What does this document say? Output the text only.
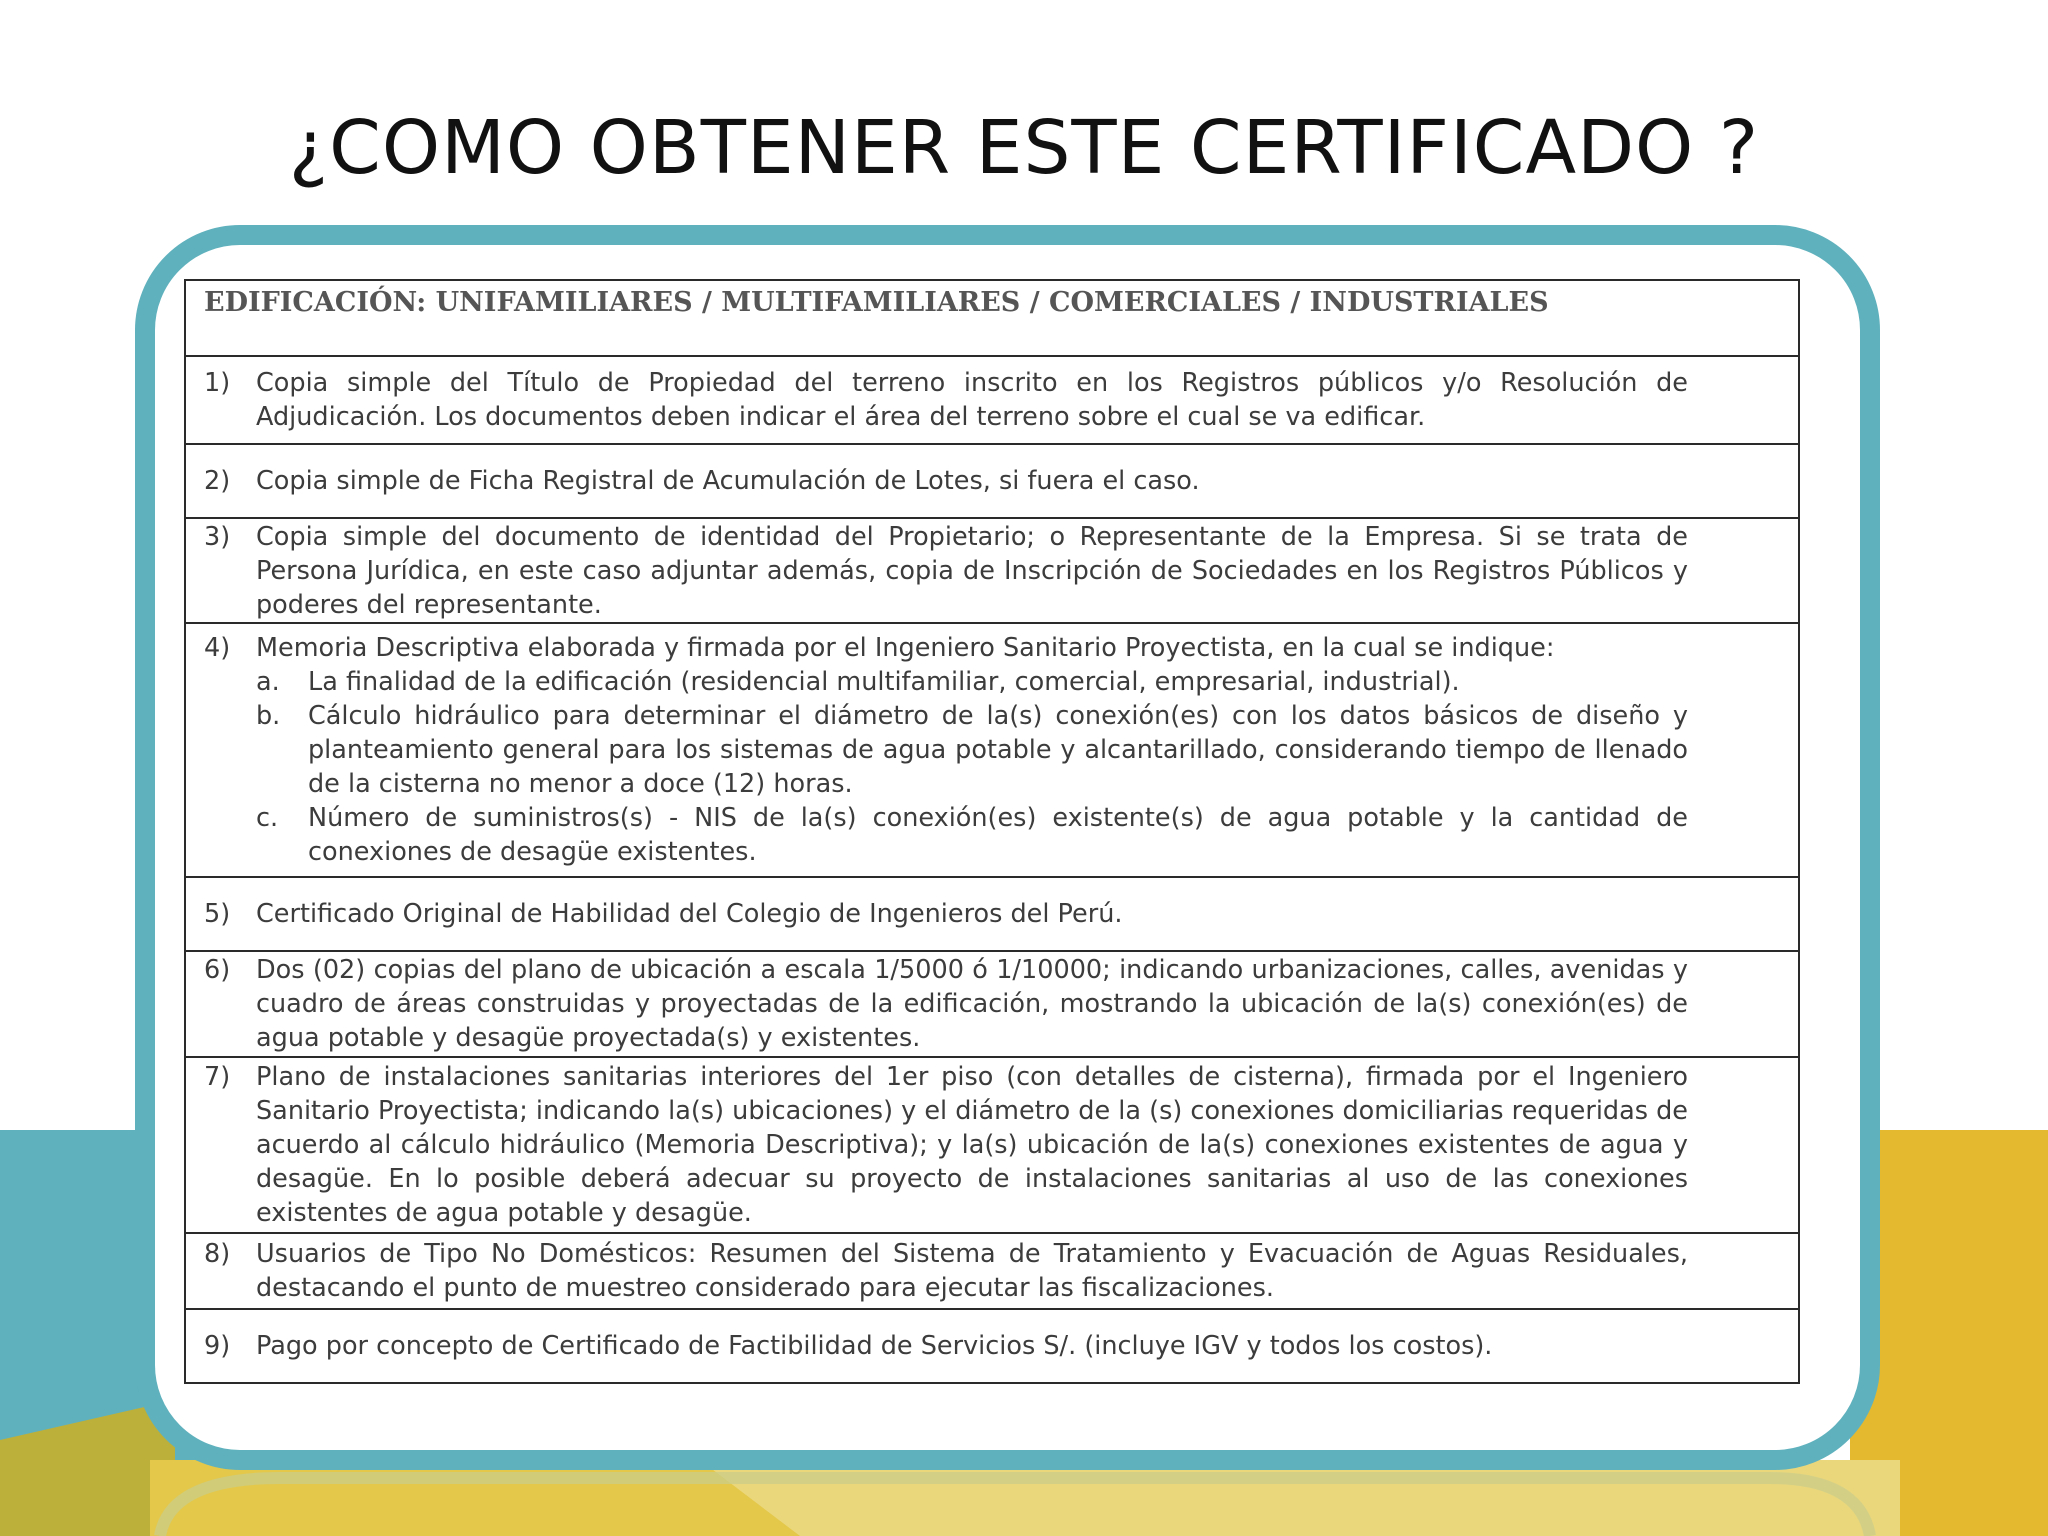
¿COMO OBTENER ESTE CERTIFICADO ?
EDIFICACIÓN: UNIFAMILIARES / MULTIFAMILIARES / COMERCIALES / INDUSTRIALES

1)	Copia simple del Título de Propiedad del terreno inscrito en los Registros públicos y/o Resolución de Adjudicación. Los documentos deben indicar el área del terreno sobre el cual se va edificar.

2)	Copia simple de Ficha Registral de Acumulación de Lotes, si fuera el caso.

3)	Copia simple del documento de identidad del Propietario; o Representante de la Empresa. Si se trata de Persona Jurídica, en este caso adjuntar además, copia de Inscripción de Sociedades en los Registros Públicos y poderes del representante.

4)	Memoria Descriptiva elaborada y firmada por el Ingeniero Sanitario Proyectista, en la cual se indique:
a.	La finalidad de la edificación (residencial multifamiliar, comercial, empresarial, industrial).
b.	Cálculo hidráulico para determinar el diámetro de la(s) conexión(es) con los datos básicos de diseño y planteamiento general para los sistemas de agua potable y alcantarillado, considerando tiempo de llenado de la cisterna no menor a doce (12) horas.
c.	Número de suministros(s) - NIS de la(s) conexión(es) existente(s) de agua potable y la cantidad de conexiones de desagüe existentes.

5)	Certificado Original de Habilidad del Colegio de Ingenieros del Perú.

6)	Dos (02) copias del plano de ubicación a escala 1/5000 ó 1/10000; indicando urbanizaciones, calles, avenidas y cuadro de áreas construidas y proyectadas de la edificación, mostrando la ubicación de la(s) conexión(es) de agua potable y desagüe proyectada(s) y existentes.

7)	Plano de instalaciones sanitarias interiores del 1er piso (con detalles de cisterna), firmada por el Ingeniero Sanitario Proyectista; indicando la(s) ubicaciones) y el diámetro de la (s) conexiones domiciliarias requeridas de acuerdo al cálculo hidráulico (Memoria Descriptiva); y la(s) ubicación de la(s) conexiones existentes de agua y desagüe. En lo posible deberá adecuar su proyecto de instalaciones sanitarias al uso de las conexiones existentes de agua potable y desagüe.

8)	Usuarios de Tipo No Domésticos: Resumen del Sistema de Tratamiento y Evacuación de Aguas Residuales, destacando el punto de muestreo considerado para ejecutar las fiscalizaciones.

9)	Pago por concepto de Certificado de Factibilidad de Servicios S/. (incluye IGV y todos los costos).
